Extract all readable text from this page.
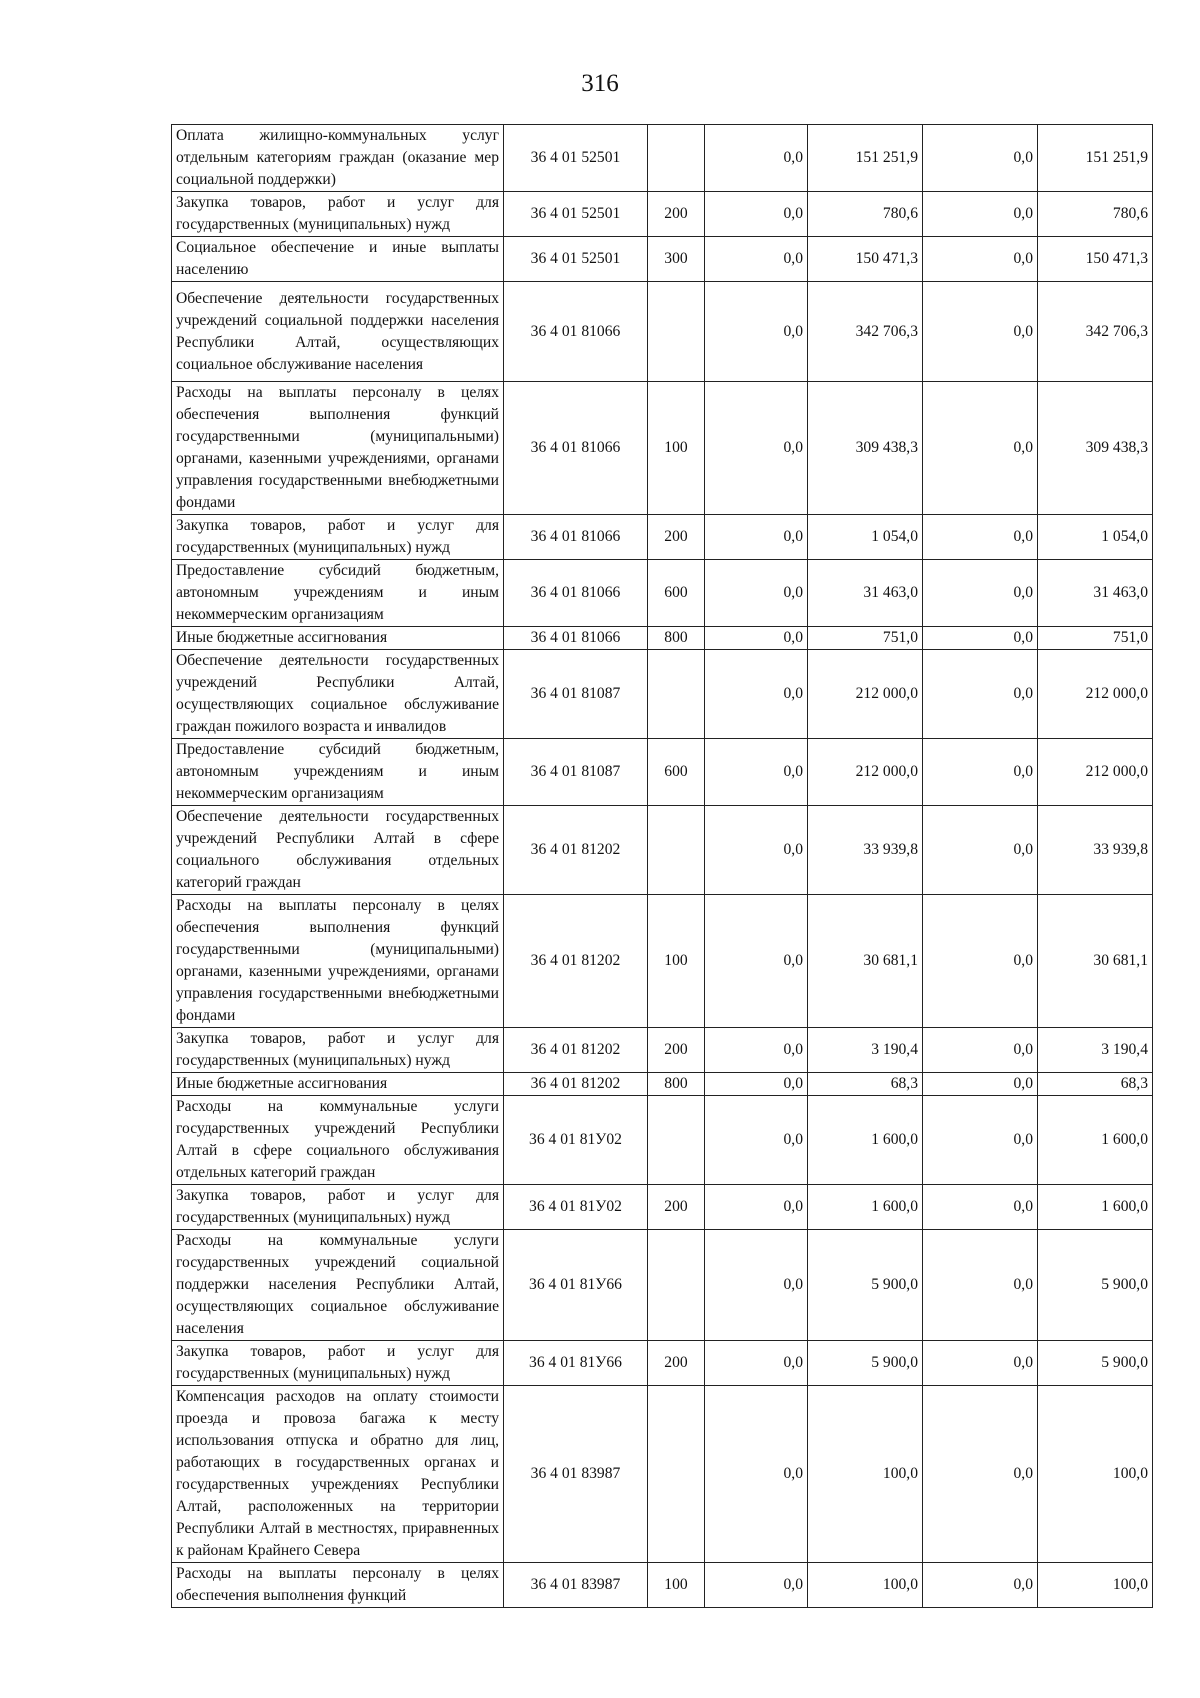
316
Оплата жилищно-коммунальных услуг отдельным категориям граждан (оказание мер социальной поддержки)	36 4 01 52501		0,0	151 251,9	0,0	151 251,9
Закупка товаров, работ и услуг для государственных (муниципальных) нужд	36 4 01 52501	200	0,0	780,6	0,0	780,6
Социальное обеспечение и иные выплаты населению	36 4 01 52501	300	0,0	150 471,3	0,0	150 471,3
Обеспечение деятельности государственных учреждений социальной поддержки населения Республики Алтай, осуществляющих социальное обслуживание населения	36 4 01 81066		0,0	342 706,3	0,0	342 706,3
Расходы на выплаты персоналу в целях обеспечения выполнения функций государственными (муниципальными) органами, казенными учреждениями, органами управления государственными внебюджетными фондами	36 4 01 81066	100	0,0	309 438,3	0,0	309 438,3
Закупка товаров, работ и услуг для государственных (муниципальных) нужд	36 4 01 81066	200	0,0	1 054,0	0,0	1 054,0
Предоставление субсидий бюджетным, автономным учреждениям и иным некоммерческим организациям	36 4 01 81066	600	0,0	31 463,0	0,0	31 463,0
Иные бюджетные ассигнования	36 4 01 81066	800	0,0	751,0	0,0	751,0
Обеспечение деятельности государственных учреждений Республики Алтай, осуществляющих социальное обслуживание граждан пожилого возраста и инвалидов	36 4 01 81087		0,0	212 000,0	0,0	212 000,0
Предоставление субсидий бюджетным, автономным учреждениям и иным некоммерческим организациям	36 4 01 81087	600	0,0	212 000,0	0,0	212 000,0
Обеспечение деятельности государственных учреждений Республики Алтай в сфере социального обслуживания отдельных категорий граждан	36 4 01 81202		0,0	33 939,8	0,0	33 939,8
Расходы на выплаты персоналу в целях обеспечения выполнения функций государственными (муниципальными) органами, казенными учреждениями, органами управления государственными внебюджетными фондами	36 4 01 81202	100	0,0	30 681,1	0,0	30 681,1
Закупка товаров, работ и услуг для государственных (муниципальных) нужд	36 4 01 81202	200	0,0	3 190,4	0,0	3 190,4
Иные бюджетные ассигнования	36 4 01 81202	800	0,0	68,3	0,0	68,3
Расходы на коммунальные услуги государственных учреждений Республики Алтай в сфере социального обслуживания отдельных категорий граждан	36 4 01 81У02		0,0	1 600,0	0,0	1 600,0
Закупка товаров, работ и услуг для государственных (муниципальных) нужд	36 4 01 81У02	200	0,0	1 600,0	0,0	1 600,0
Расходы на коммунальные услуги государственных учреждений социальной поддержки населения Республики Алтай, осуществляющих социальное обслуживание населения	36 4 01 81У66		0,0	5 900,0	0,0	5 900,0
Закупка товаров, работ и услуг для государственных (муниципальных) нужд	36 4 01 81У66	200	0,0	5 900,0	0,0	5 900,0
Компенсация расходов на оплату стоимости проезда и провоза багажа к месту использования отпуска и обратно для лиц, работающих в государственных органах и государственных учреждениях Республики Алтай, расположенных на территории Республики Алтай в местностях, приравненных к районам Крайнего Севера	36 4 01 83987		0,0	100,0	0,0	100,0
Расходы на выплаты персоналу в целях обеспечения выполнения функций	36 4 01 83987	100	0,0	100,0	0,0	100,0
